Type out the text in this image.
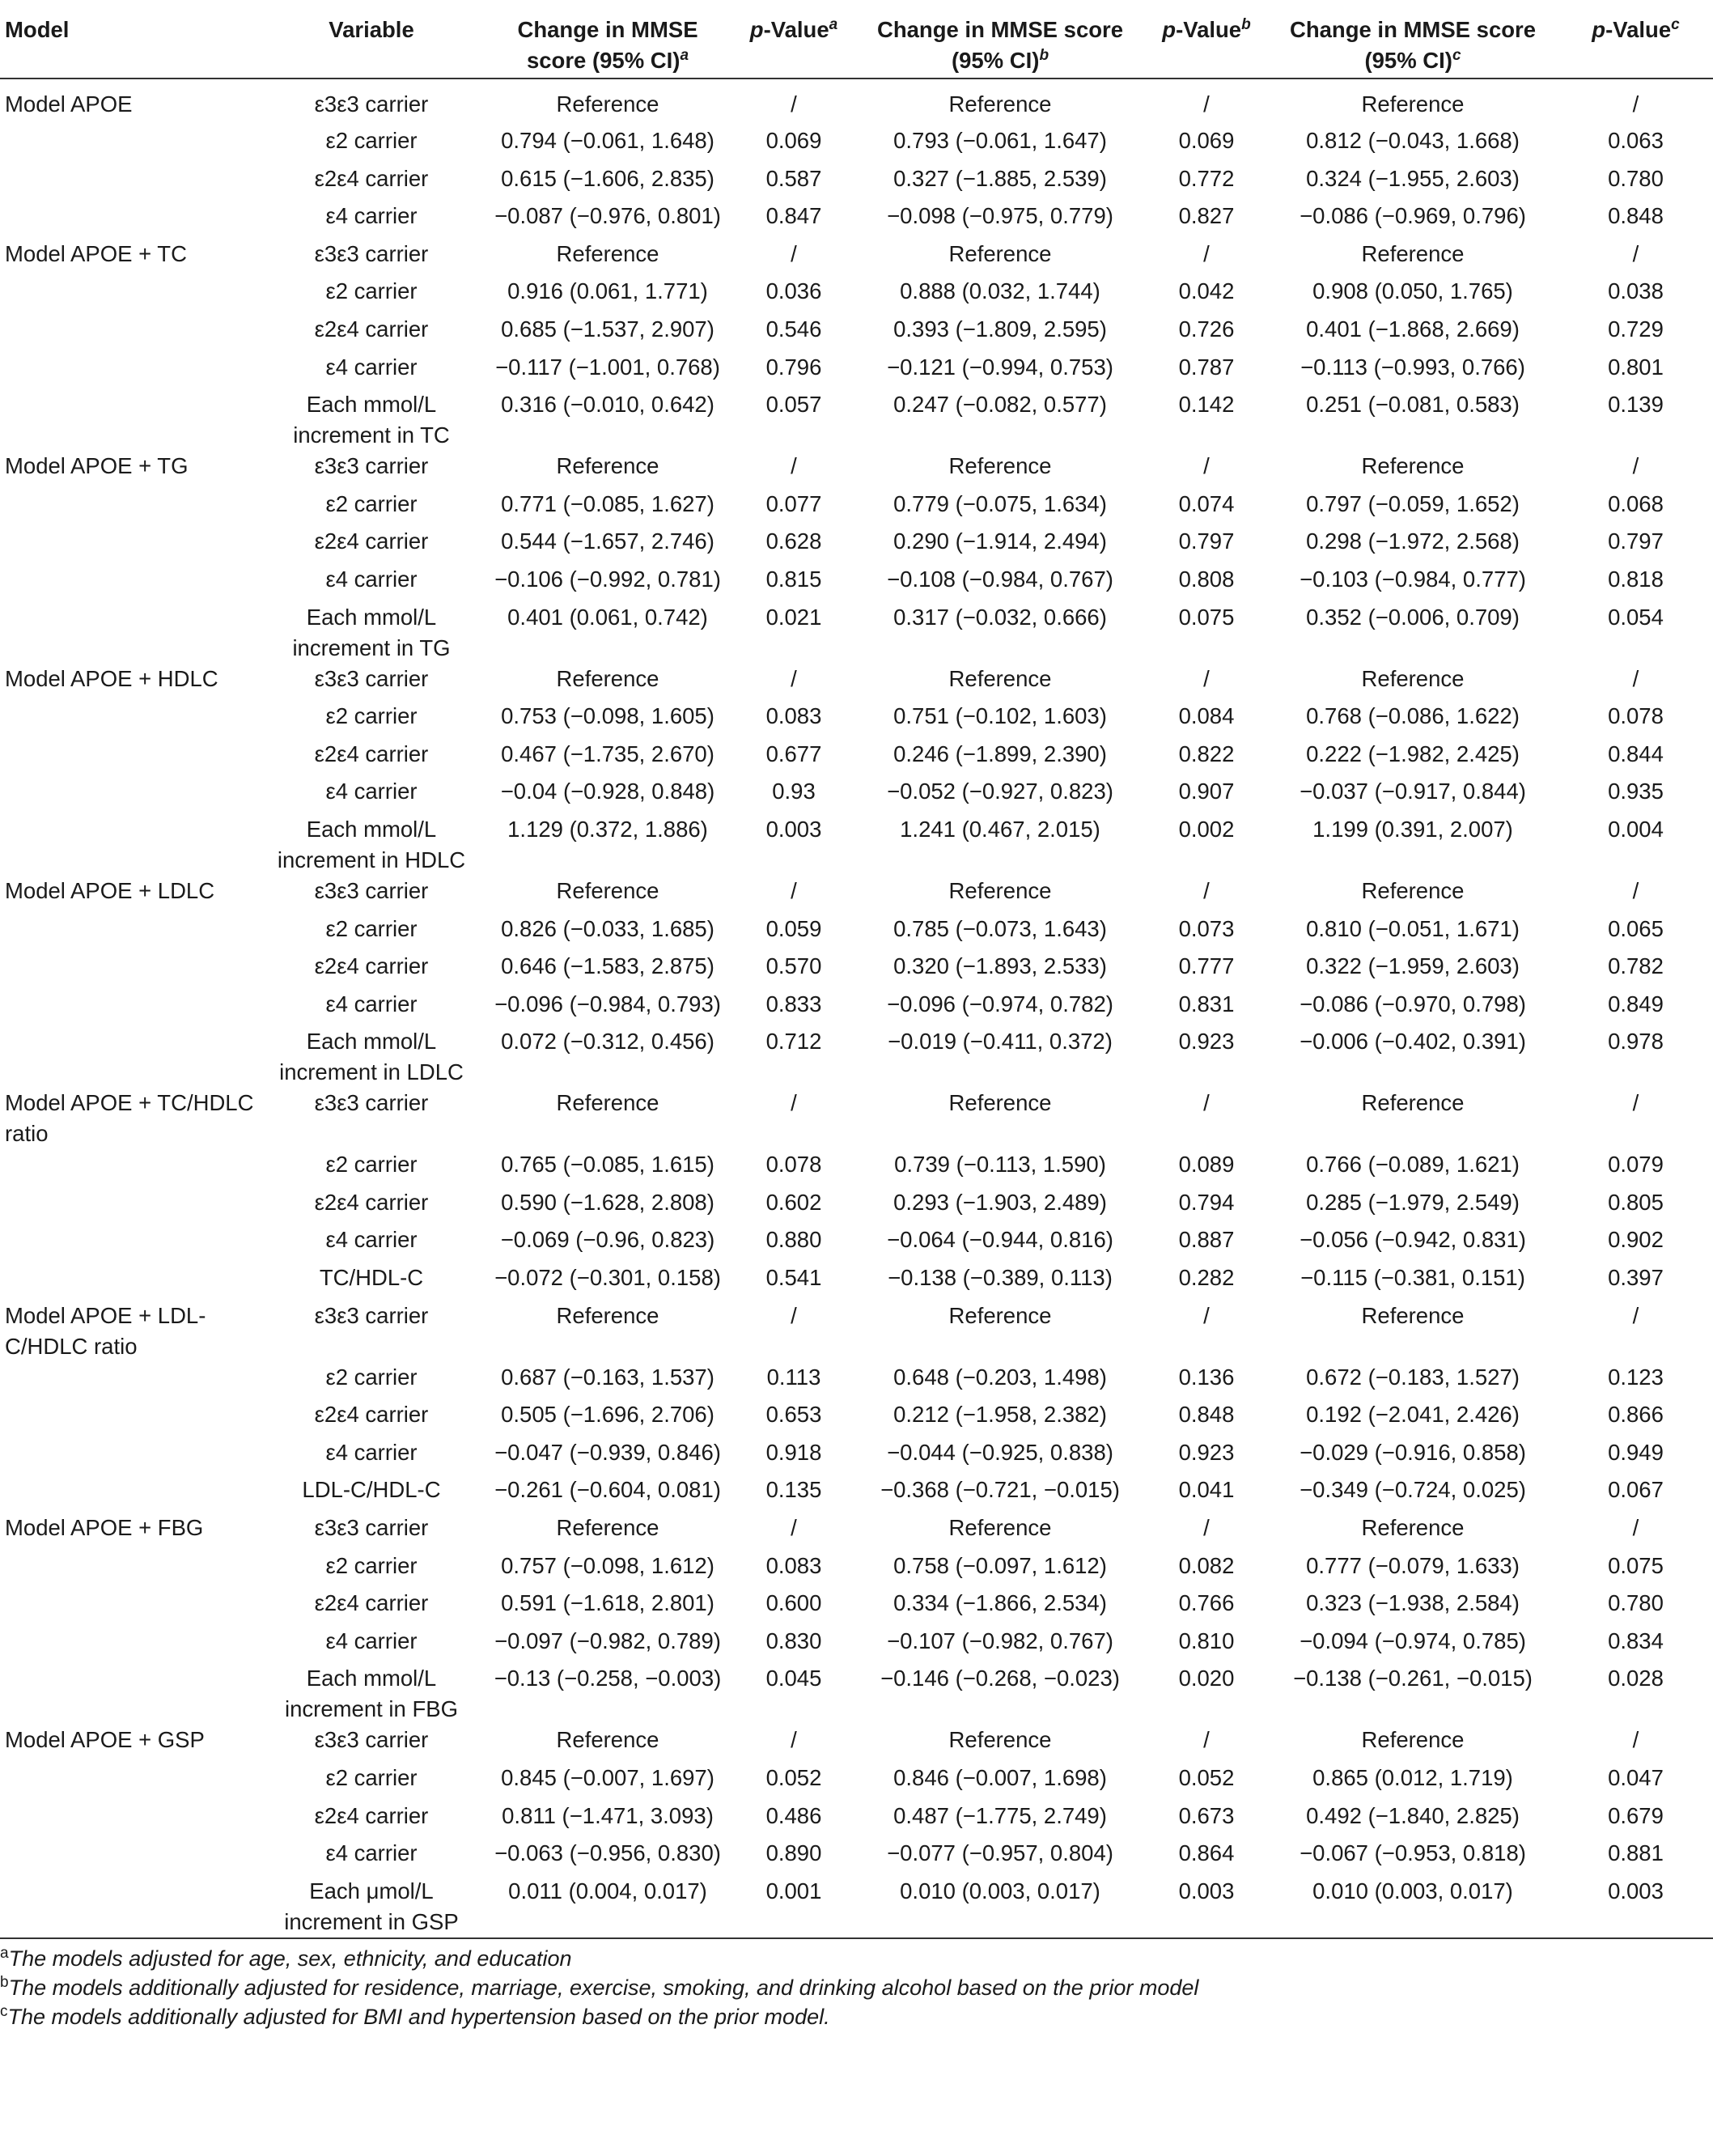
Model	Variable	Change in MMSE score (95% CI)$^a$	p-Value$^a$	Change in MMSE score (95% CI)$^b$	p-Value$^b$	Change in MMSE score (95% CI)$^c$	p-Value$^c$
Model APOE	ε3ε3 carrier	Reference	/	Reference	/	Reference	/
	ε2 carrier	0.794 (−0.061, 1.648)	0.069	0.793 (−0.061, 1.647)	0.069	0.812 (−0.043, 1.668)	0.063
	ε2ε4 carrier	0.615 (−1.606, 2.835)	0.587	0.327 (−1.885, 2.539)	0.772	0.324 (−1.955, 2.603)	0.780
	ε4 carrier	−0.087 (−0.976, 0.801)	0.847	−0.098 (−0.975, 0.779)	0.827	−0.086 (−0.969, 0.796)	0.848
Model APOE + TC	ε3ε3 carrier	Reference	/	Reference	/	Reference	/
	ε2 carrier	0.916 (0.061, 1.771)	0.036	0.888 (0.032, 1.744)	0.042	0.908 (0.050, 1.765)	0.038
	ε2ε4 carrier	0.685 (−1.537, 2.907)	0.546	0.393 (−1.809, 2.595)	0.726	0.401 (−1.868, 2.669)	0.729
	ε4 carrier	−0.117 (−1.001, 0.768)	0.796	−0.121 (−0.994, 0.753)	0.787	−0.113 (−0.993, 0.766)	0.801
	Each mmol/L increment in TC	0.316 (−0.010, 0.642)	0.057	0.247 (−0.082, 0.577)	0.142	0.251 (−0.081, 0.583)	0.139
Model APOE + TG	ε3ε3 carrier	Reference	/	Reference	/	Reference	/
	ε2 carrier	0.771 (−0.085, 1.627)	0.077	0.779 (−0.075, 1.634)	0.074	0.797 (−0.059, 1.652)	0.068
	ε2ε4 carrier	0.544 (−1.657, 2.746)	0.628	0.290 (−1.914, 2.494)	0.797	0.298 (−1.972, 2.568)	0.797
	ε4 carrier	−0.106 (−0.992, 0.781)	0.815	−0.108 (−0.984, 0.767)	0.808	−0.103 (−0.984, 0.777)	0.818
	Each mmol/L increment in TG	0.401 (0.061, 0.742)	0.021	0.317 (−0.032, 0.666)	0.075	0.352 (−0.006, 0.709)	0.054
Model APOE + HDLC	ε3ε3 carrier	Reference	/	Reference	/	Reference	/
	ε2 carrier	0.753 (−0.098, 1.605)	0.083	0.751 (−0.102, 1.603)	0.084	0.768 (−0.086, 1.622)	0.078
	ε2ε4 carrier	0.467 (−1.735, 2.670)	0.677	0.246 (−1.899, 2.390)	0.822	0.222 (−1.982, 2.425)	0.844
	ε4 carrier	−0.04 (−0.928, 0.848)	0.93	−0.052 (−0.927, 0.823)	0.907	−0.037 (−0.917, 0.844)	0.935
	Each mmol/L increment in HDLC	1.129 (0.372, 1.886)	0.003	1.241 (0.467, 2.015)	0.002	1.199 (0.391, 2.007)	0.004
Model APOE + LDLC	ε3ε3 carrier	Reference	/	Reference	/	Reference	/
	ε2 carrier	0.826 (−0.033, 1.685)	0.059	0.785 (−0.073, 1.643)	0.073	0.810 (−0.051, 1.671)	0.065
	ε2ε4 carrier	0.646 (−1.583, 2.875)	0.570	0.320 (−1.893, 2.533)	0.777	0.322 (−1.959, 2.603)	0.782
	ε4 carrier	−0.096 (−0.984, 0.793)	0.833	−0.096 (−0.974, 0.782)	0.831	−0.086 (−0.970, 0.798)	0.849
	Each mmol/L increment in LDLC	0.072 (−0.312, 0.456)	0.712	−0.019 (−0.411, 0.372)	0.923	−0.006 (−0.402, 0.391)	0.978
Model APOE + TC/HDLC ratio	ε3ε3 carrier	Reference	/	Reference	/	Reference	/
	ε2 carrier	0.765 (−0.085, 1.615)	0.078	0.739 (−0.113, 1.590)	0.089	0.766 (−0.089, 1.621)	0.079
	ε2ε4 carrier	0.590 (−1.628, 2.808)	0.602	0.293 (−1.903, 2.489)	0.794	0.285 (−1.979, 2.549)	0.805
	ε4 carrier	−0.069 (−0.96, 0.823)	0.880	−0.064 (−0.944, 0.816)	0.887	−0.056 (−0.942, 0.831)	0.902
	TC/HDL-C	−0.072 (−0.301, 0.158)	0.541	−0.138 (−0.389, 0.113)	0.282	−0.115 (−0.381, 0.151)	0.397
Model APOE + LDL-C/HDLC ratio	ε3ε3 carrier	Reference	/	Reference	/	Reference	/
	ε2 carrier	0.687 (−0.163, 1.537)	0.113	0.648 (−0.203, 1.498)	0.136	0.672 (−0.183, 1.527)	0.123
	ε2ε4 carrier	0.505 (−1.696, 2.706)	0.653	0.212 (−1.958, 2.382)	0.848	0.192 (−2.041, 2.426)	0.866
	ε4 carrier	−0.047 (−0.939, 0.846)	0.918	−0.044 (−0.925, 0.838)	0.923	−0.029 (−0.916, 0.858)	0.949
	LDL-C/HDL-C	−0.261 (−0.604, 0.081)	0.135	−0.368 (−0.721, −0.015)	0.041	−0.349 (−0.724, 0.025)	0.067
Model APOE + FBG	ε3ε3 carrier	Reference	/	Reference	/	Reference	/
	ε2 carrier	0.757 (−0.098, 1.612)	0.083	0.758 (−0.097, 1.612)	0.082	0.777 (−0.079, 1.633)	0.075
	ε2ε4 carrier	0.591 (−1.618, 2.801)	0.600	0.334 (−1.866, 2.534)	0.766	0.323 (−1.938, 2.584)	0.780
	ε4 carrier	−0.097 (−0.982, 0.789)	0.830	−0.107 (−0.982, 0.767)	0.810	−0.094 (−0.974, 0.785)	0.834
	Each mmol/L increment in FBG	−0.13 (−0.258, −0.003)	0.045	−0.146 (−0.268, −0.023)	0.020	−0.138 (−0.261, −0.015)	0.028
Model APOE + GSP	ε3ε3 carrier	Reference	/	Reference	/	Reference	/
	ε2 carrier	0.845 (−0.007, 1.697)	0.052	0.846 (−0.007, 1.698)	0.052	0.865 (0.012, 1.719)	0.047
	ε2ε4 carrier	0.811 (−1.471, 3.093)	0.486	0.487 (−1.775, 2.749)	0.673	0.492 (−1.840, 2.825)	0.679
	ε4 carrier	−0.063 (−0.956, 0.830)	0.890	−0.077 (−0.957, 0.804)	0.864	−0.067 (−0.953, 0.818)	0.881
	Each μmol/L increment in GSP	0.011 (0.004, 0.017)	0.001	0.010 (0.003, 0.017)	0.003	0.010 (0.003, 0.017)	0.003
$^a$The models adjusted for age, sex, ethnicity, and education
$^b$The models additionally adjusted for residence, marriage, exercise, smoking, and drinking alcohol based on the prior model
$^c$The models additionally adjusted for BMI and hypertension based on the prior model.
